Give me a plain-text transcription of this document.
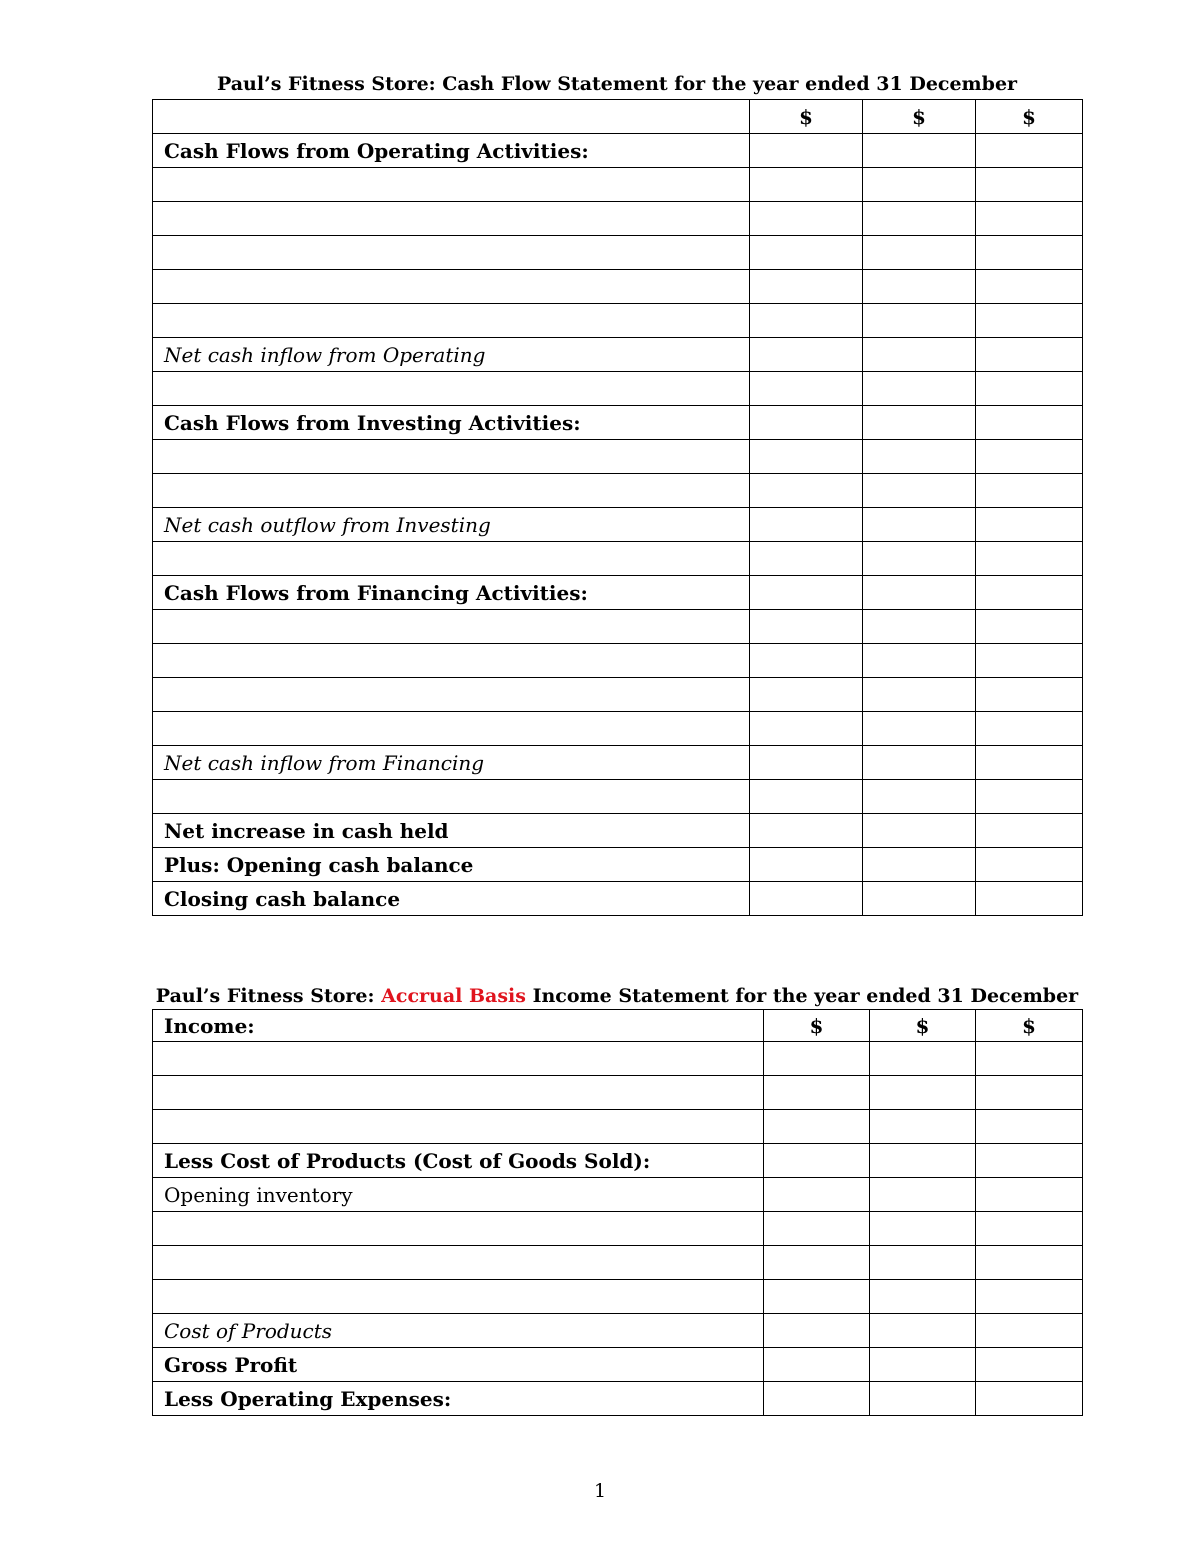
Paul’s Fitness Store: Cash Flow Statement for the year ended 31 December
	$	$	$
Cash Flows from Operating Activities:			

Net cash inflow from Operating			

Cash Flows from Investing Activities:			

Net cash outflow from Investing			

Cash Flows from Financing Activities:			

Net cash inflow from Financing			

Net increase in cash held			
Plus: Opening cash balance			
Closing cash balance			
Paul’s Fitness Store: Accrual Basis Income Statement for the year ended 31 December
Income:	$	$	$

Less Cost of Products (Cost of Goods Sold):			
Opening inventory			

Cost of Products			
Gross Profit			
Less Operating Expenses:			
1
